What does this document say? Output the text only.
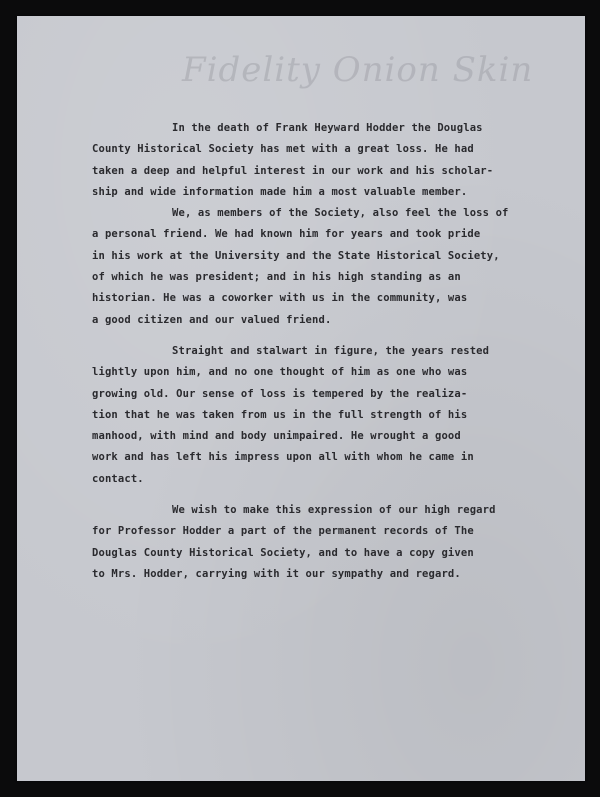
Fidelity Onion Skin
In the death of Frank Heyward Hodder the Douglas
County Historical Society has met with a great loss. He had
taken a deep and helpful interest in our work and his scholar-
ship and wide information made him a most valuable member.
We, as members of the Society, also feel the loss of
a personal friend. We had known him for years and took pride
in his work at the University and the State Historical Society,
of which he was president; and in his high standing as an
historian. He was a coworker with us in the community, was
a good citizen and our valued friend.
Straight and stalwart in figure, the years rested
lightly upon him, and no one thought of him as one who was
growing old. Our sense of loss is tempered by the realiza-
tion that he was taken from us in the full strength of his
manhood, with mind and body unimpaired. He wrought a good
work and has left his impress upon all with whom he came in
contact.
We wish to make this expression of our high regard
for Professor Hodder a part of the permanent records of The
Douglas County Historical Society, and to have a copy given
to Mrs. Hodder, carrying with it our sympathy and regard.
